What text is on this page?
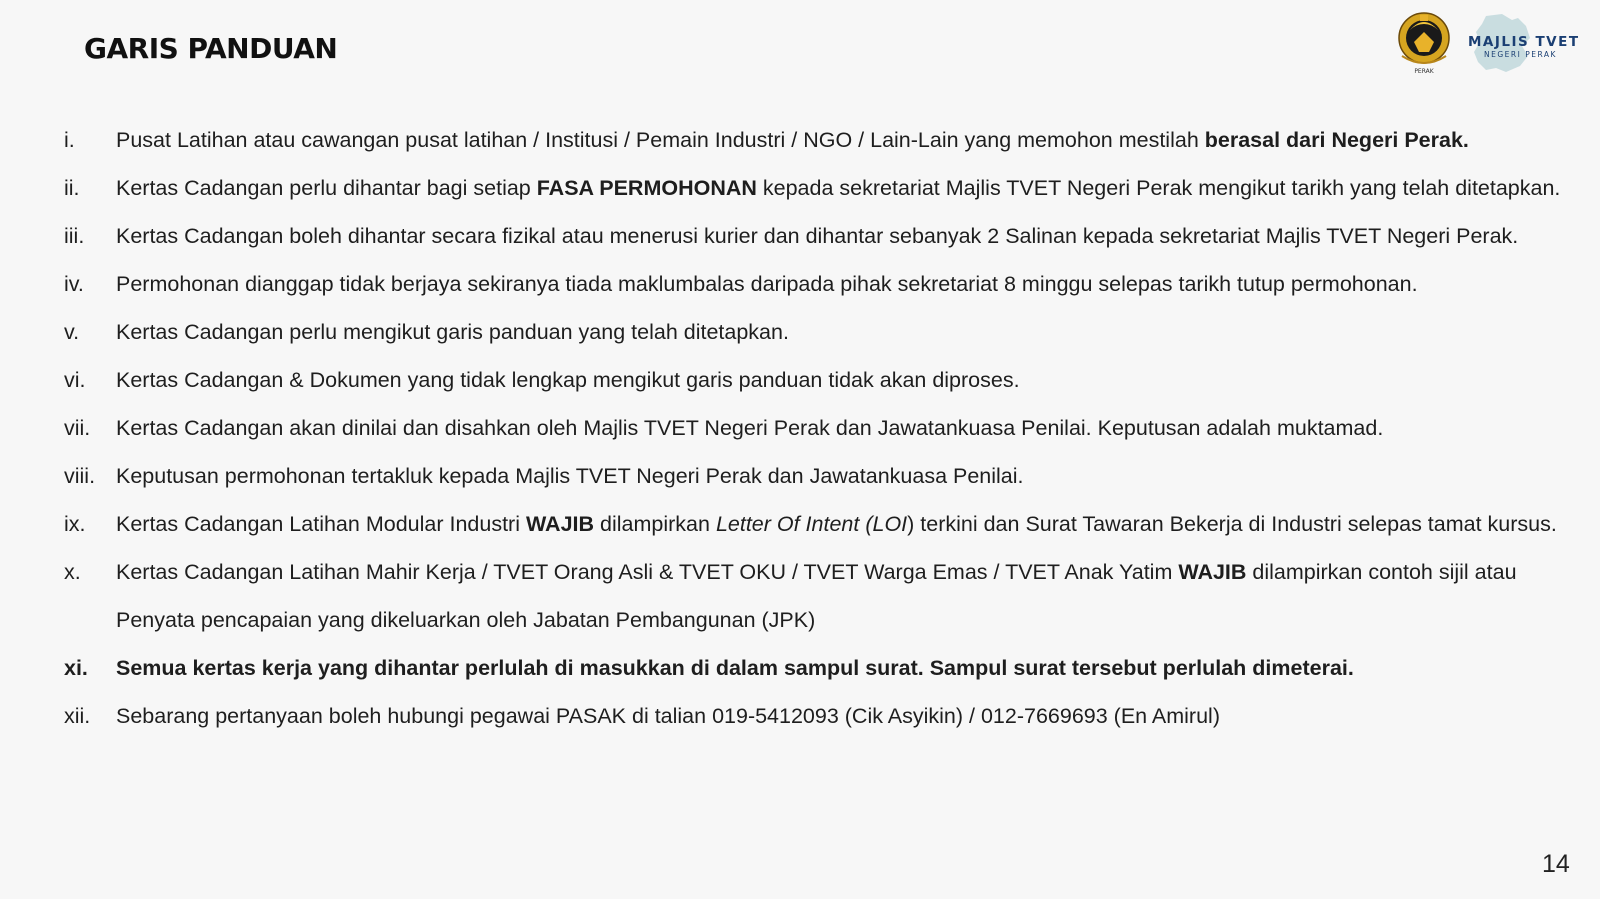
GARIS PANDUAN
PERAK
MAJLIS TVET
NEGERI PERAK
i. Pusat Latihan atau cawangan pusat latihan / Institusi / Pemain Industri / NGO / Lain-Lain yang memohon mestilah berasal dari Negeri Perak.
ii. Kertas Cadangan perlu dihantar bagi setiap FASA PERMOHONAN kepada sekretariat Majlis TVET Negeri Perak mengikut tarikh yang telah ditetapkan.
iii. Kertas Cadangan boleh dihantar secara fizikal atau menerusi kurier dan dihantar sebanyak 2 Salinan kepada sekretariat Majlis TVET Negeri Perak.
iv. Permohonan dianggap tidak berjaya sekiranya tiada maklumbalas daripada pihak sekretariat 8 minggu selepas tarikh tutup permohonan.
v. Kertas Cadangan perlu mengikut garis panduan yang telah ditetapkan.
vi. Kertas Cadangan & Dokumen yang tidak lengkap mengikut garis panduan tidak akan diproses.
vii. Kertas Cadangan akan dinilai dan disahkan oleh Majlis TVET Negeri Perak dan Jawatankuasa Penilai. Keputusan adalah muktamad.
viii. Keputusan permohonan tertakluk kepada Majlis TVET Negeri Perak dan Jawatankuasa Penilai.
ix. Kertas Cadangan Latihan Modular Industri WAJIB dilampirkan Letter Of Intent (LOI) terkini dan Surat Tawaran Bekerja di Industri selepas tamat kursus.
x. Kertas Cadangan Latihan Mahir Kerja / TVET Orang Asli & TVET OKU / TVET Warga Emas / TVET Anak Yatim WAJIB dilampirkan contoh sijil atau Penyata pencapaian yang dikeluarkan oleh Jabatan Pembangunan (JPK)
xi. Semua kertas kerja yang dihantar perlulah di masukkan di dalam sampul surat. Sampul surat tersebut perlulah dimeterai.
xii. Sebarang pertanyaan boleh hubungi pegawai PASAK di talian 019-5412093 (Cik Asyikin) / 012-7669693 (En Amirul)
14
